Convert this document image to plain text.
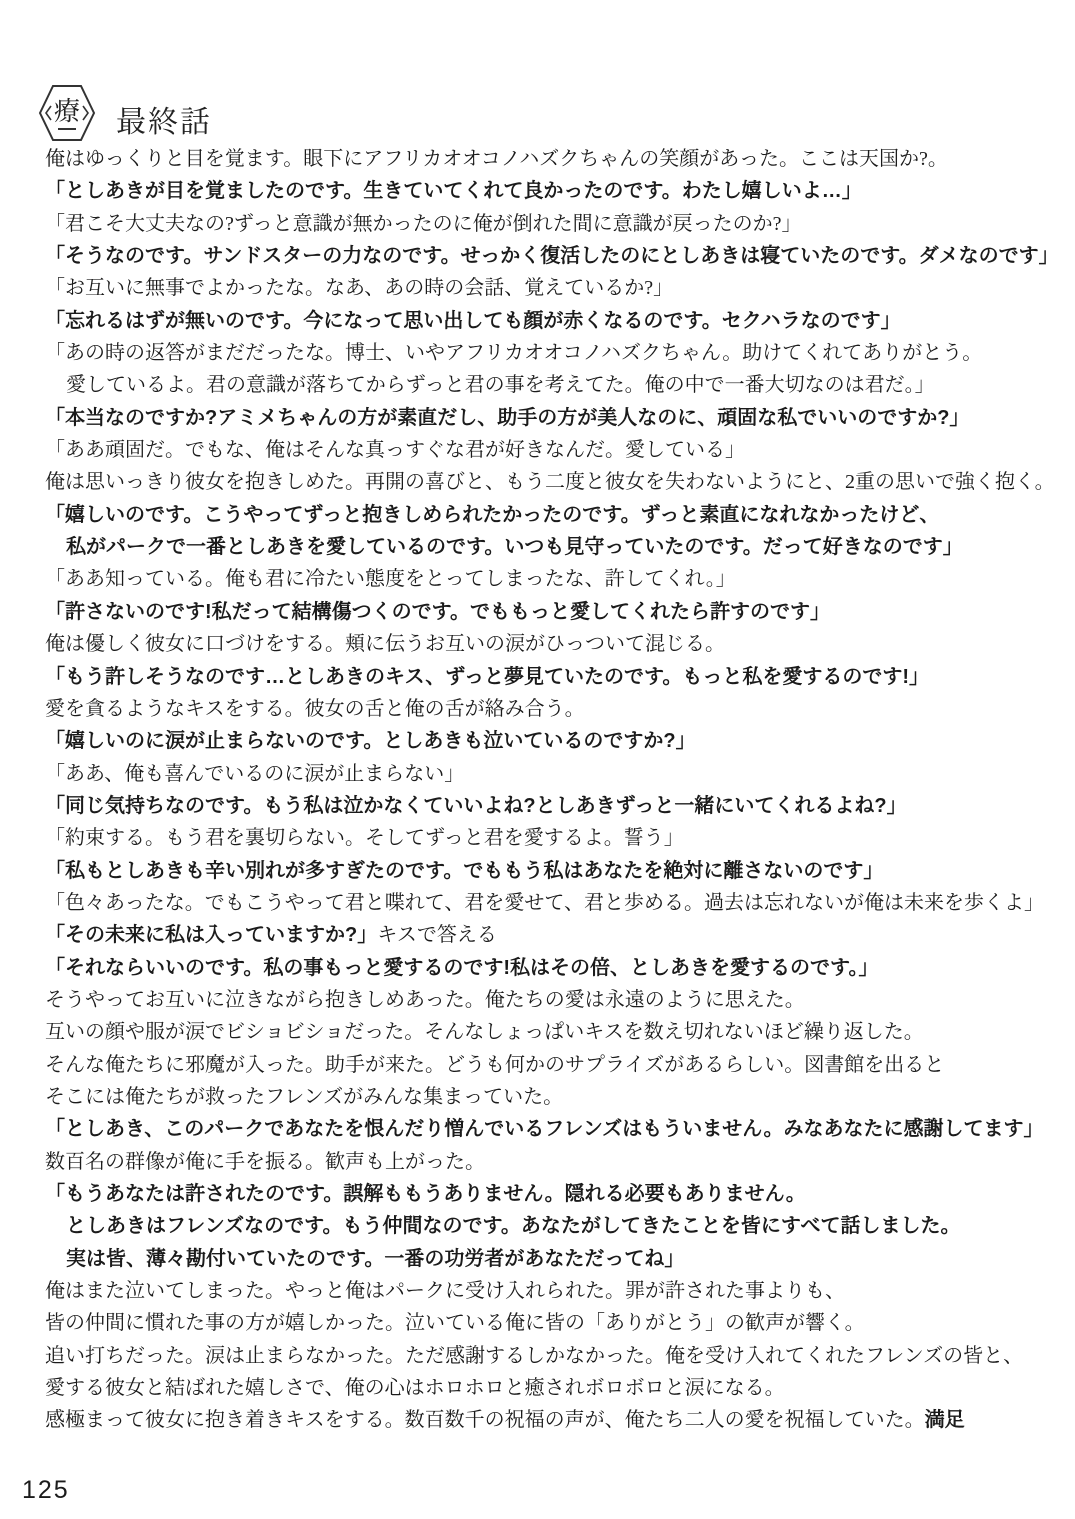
療 最終話
俺はゆっくりと目を覚ます。眼下にアフリカオオコノハズクちゃんの笑顔があった。ここは天国か?。
「としあきが目を覚ましたのです。生きていてくれて良かったのです。わたし嬉しいよ…」
「君こそ大丈夫なの?ずっと意識が無かったのに俺が倒れた間に意識が戻ったのか?」
「そうなのです。サンドスターの力なのです。せっかく復活したのにとしあきは寝ていたのです。ダメなのです」
「お互いに無事でよかったな。なあ、あの時の会話、覚えているか?」
「忘れるはずが無いのです。今になって思い出しても顔が赤くなるのです。セクハラなのです」
「あの時の返答がまだだったな。博士、いやアフリカオオコノハズクちゃん。助けてくれてありがとう。
愛しているよ。君の意識が落ちてからずっと君の事を考えてた。俺の中で一番大切なのは君だ。」
「本当なのですか?アミメちゃんの方が素直だし、助手の方が美人なのに、頑固な私でいいのですか?」
「ああ頑固だ。でもな、俺はそんな真っすぐな君が好きなんだ。愛している」
俺は思いっきり彼女を抱きしめた。再開の喜びと、もう二度と彼女を失わないようにと、2重の思いで強く抱く。
「嬉しいのです。こうやってずっと抱きしめられたかったのです。ずっと素直になれなかったけど、
私がパークで一番としあきを愛しているのです。いつも見守っていたのです。だって好きなのです」
「ああ知っている。俺も君に冷たい態度をとってしまったな、許してくれ。」
「許さないのです!私だって結構傷つくのです。でももっと愛してくれたら許すのです」
俺は優しく彼女に口づけをする。頬に伝うお互いの涙がひっついて混じる。
「もう許しそうなのです…としあきのキス、ずっと夢見ていたのです。もっと私を愛するのです!」
愛を貪るようなキスをする。彼女の舌と俺の舌が絡み合う。
「嬉しいのに涙が止まらないのです。としあきも泣いているのですか?」
「ああ、俺も喜んでいるのに涙が止まらない」
「同じ気持ちなのです。もう私は泣かなくていいよね?としあきずっと一緒にいてくれるよね?」
「約束する。もう君を裏切らない。そしてずっと君を愛するよ。誓う」
「私もとしあきも辛い別れが多すぎたのです。でももう私はあなたを絶対に離さないのです」
「色々あったな。でもこうやって君と喋れて、君を愛せて、君と歩める。過去は忘れないが俺は未来を歩くよ」
「その未来に私は入っていますか?」キスで答える
「それならいいのです。私の事もっと愛するのです!私はその倍、としあきを愛するのです。」
そうやってお互いに泣きながら抱きしめあった。俺たちの愛は永遠のように思えた。
互いの顔や服が涙でビショビショだった。そんなしょっぱいキスを数え切れないほど繰り返した。
そんな俺たちに邪魔が入った。助手が来た。どうも何かのサプライズがあるらしい。図書館を出ると
そこには俺たちが救ったフレンズがみんな集まっていた。
「としあき、このパークであなたを恨んだり憎んでいるフレンズはもういません。みなあなたに感謝してます」
数百名の群像が俺に手を振る。歓声も上がった。
「もうあなたは許されたのです。誤解ももうありません。隠れる必要もありません。
としあきはフレンズなのです。もう仲間なのです。あなたがしてきたことを皆にすべて話しました。
実は皆、薄々勘付いていたのです。一番の功労者があなただってね」
俺はまた泣いてしまった。やっと俺はパークに受け入れられた。罪が許された事よりも、
皆の仲間に慣れた事の方が嬉しかった。泣いている俺に皆の「ありがとう」の歓声が響く。
追い打ちだった。涙は止まらなかった。ただ感謝するしかなかった。俺を受け入れてくれたフレンズの皆と、
愛する彼女と結ばれた嬉しさで、俺の心はホロホロと癒されボロボロと涙になる。
感極まって彼女に抱き着きキスをする。数百数千の祝福の声が、俺たち二人の愛を祝福していた。満足
125
